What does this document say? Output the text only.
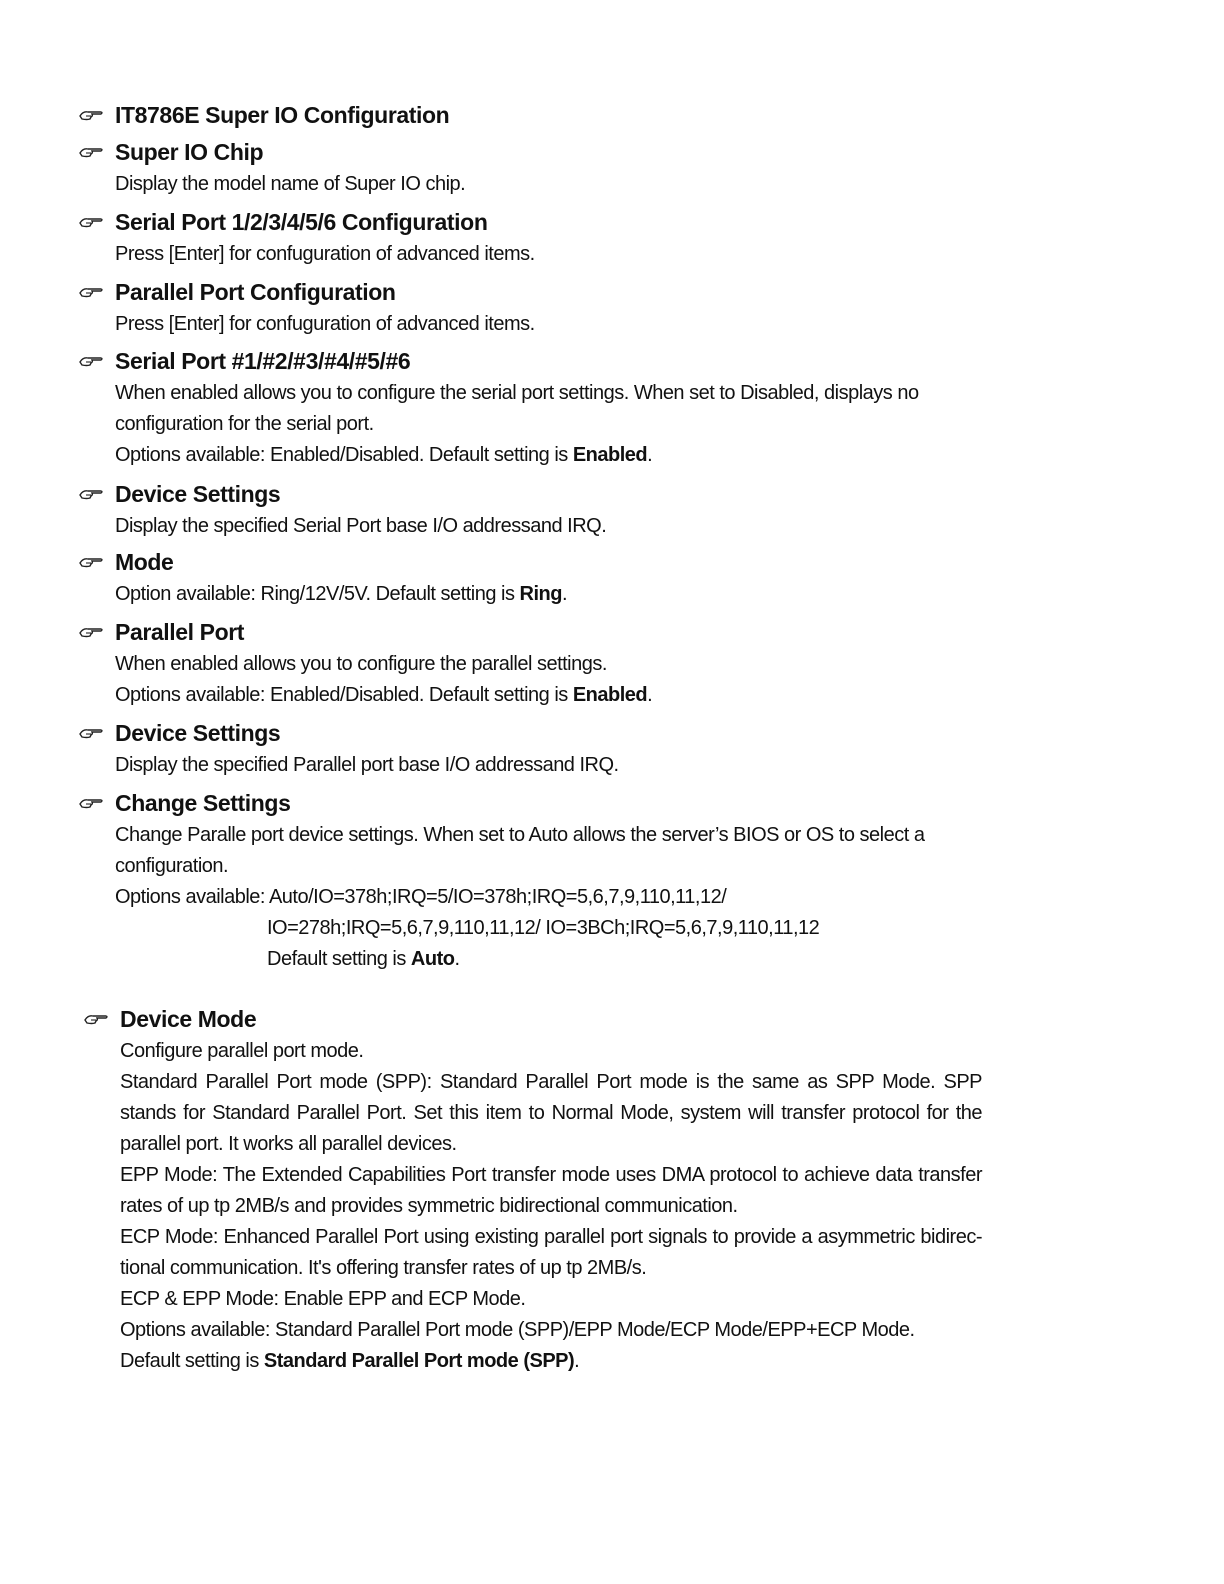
IT8786E Super IO Configuration
Super IO Chip
Display the model name of Super IO chip.
Serial Port 1/2/3/4/5/6 Configuration
Press [Enter] for confuguration of advanced items.
Parallel Port Configuration
Press [Enter] for confuguration of advanced items.
Serial Port #1/#2/#3/#4/#5/#6
When enabled allows you to configure the serial port settings. When set to Disabled, displays no
configuration for the serial port.
Options available: Enabled/Disabled. Default setting is Enabled.
Device Settings
Display the specified Serial Port base I/O addressand IRQ.
Mode
Option available: Ring/12V/5V. Default setting is Ring.
Parallel Port
When enabled allows you to configure the parallel settings.
Options available: Enabled/Disabled. Default setting is Enabled.
Device Settings
Display the specified Parallel port base I/O addressand IRQ.
Change Settings
Change Paralle port device settings. When set to Auto allows the server’s BIOS or OS to select a
configuration.
Options available: Auto/IO=378h;IRQ=5/IO=378h;IRQ=5,6,7,9,110,11,12/
IO=278h;IRQ=5,6,7,9,110,11,12/ IO=3BCh;IRQ=5,6,7,9,110,11,12
Default setting is Auto.
Device Mode
Configure parallel port mode.
Standard Parallel Port mode (SPP): Standard Parallel Port mode is the same as SPP Mode. SPP stands for Standard Parallel Port. Set this item to Normal Mode, system will transfer protocol for the parallel port. It works all parallel devices.
EPP Mode: The Extended Capabilities Port transfer mode uses DMA protocol to achieve data transfer rates of up tp 2MB/s and provides symmetric bidirectional communication.
ECP Mode: Enhanced Parallel Port using existing parallel port signals to provide a asymmetric bidirec-tional communication. It's offering transfer rates of up tp 2MB/s.
ECP & EPP Mode: Enable EPP and ECP Mode.
Options available: Standard Parallel Port mode (SPP)/EPP Mode/ECP Mode/EPP+ECP Mode.
Default setting is Standard Parallel Port mode (SPP).
